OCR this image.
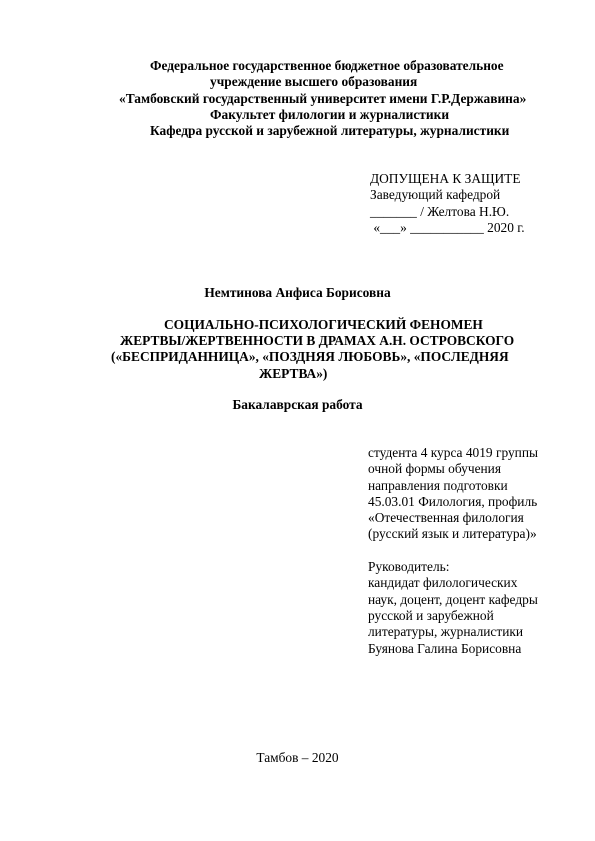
Федеральное государственное бюджетное образовательное
учреждение высшего образования
«Тамбовский государственный университет имени Г.Р.Державина»
Факультет филологии и журналистики
Кафедра русской и зарубежной литературы, журналистики
ДОПУЩЕНА К ЗАЩИТЕ
Заведующий кафедрой
_______ / Желтова Н.Ю.
«___» ___________ 2020 г.
Немтинова Анфиса Борисовна
СОЦИАЛЬНО-ПСИХОЛОГИЧЕСКИЙ ФЕНОМЕН
ЖЕРТВЫ/ЖЕРТВЕННОСТИ В ДРАМАХ А.Н. ОСТРОВСКОГО
(«БЕСПРИДАННИЦА», «ПОЗДНЯЯ ЛЮБОВЬ», «ПОСЛЕДНЯЯ
ЖЕРТВА»)
Бакалаврская работа
студента 4 курса 4019 группы
очной формы обучения
направления подготовки
45.03.01 Филология, профиль
«Отечественная филология
(русский язык и литература)»
Руководитель:
кандидат филологических
наук, доцент, доцент кафедры
русской и зарубежной
литературы, журналистики
Буянова Галина Борисовна
Тамбов – 2020
